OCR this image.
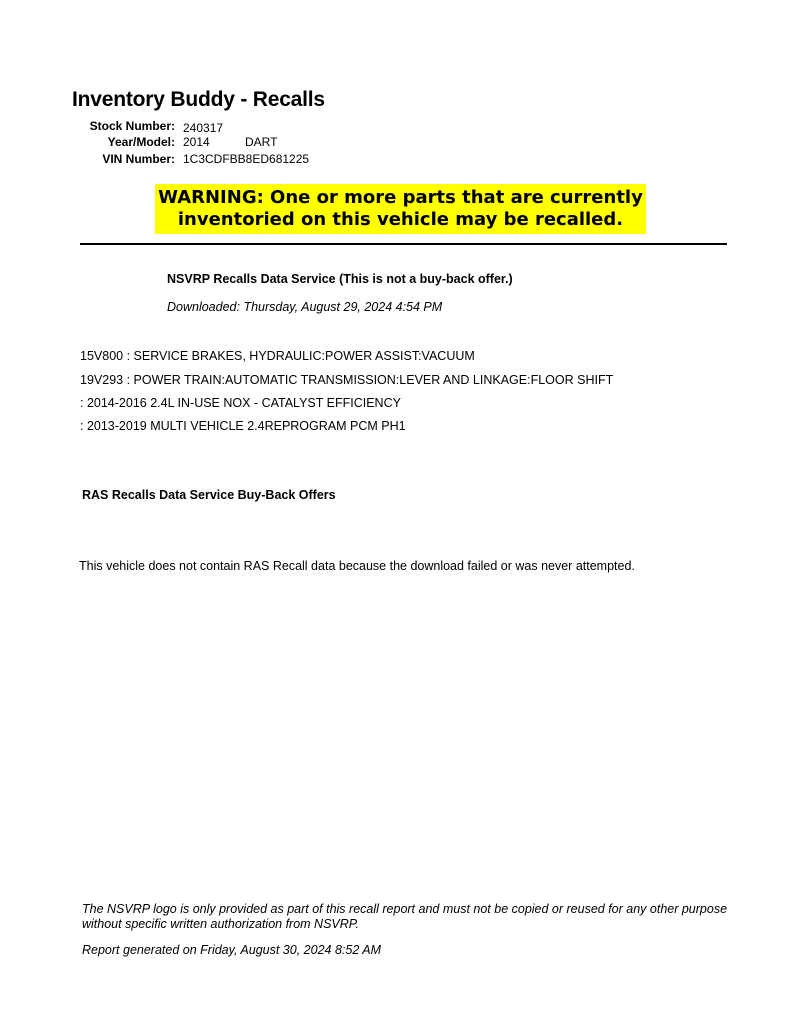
Inventory Buddy - Recalls
Stock Number: 240317
Year/Model: 2014	DART
VIN Number: 1C3CDFBB8ED681225
WARNING: One or more parts that are currently
inventoried on this vehicle may be recalled.
NSVRP Recalls Data Service (This is not a buy-back offer.)
Downloaded: Thursday, August 29, 2024 4:54 PM
15V800 : SERVICE BRAKES, HYDRAULIC:POWER ASSIST:VACUUM
19V293 : POWER TRAIN:AUTOMATIC TRANSMISSION:LEVER AND LINKAGE:FLOOR SHIFT
: 2014-2016 2.4L IN-USE NOX - CATALYST EFFICIENCY
: 2013-2019 MULTI VEHICLE 2.4REPROGRAM PCM PH1
RAS Recalls Data Service Buy-Back Offers
This vehicle does not contain RAS Recall data because the download failed or was never attempted.
The NSVRP logo is only provided as part of this recall report and must not be copied or reused for any other purpose without specific written authorization from NSVRP.
Report generated on Friday, August 30, 2024 8:52 AM
